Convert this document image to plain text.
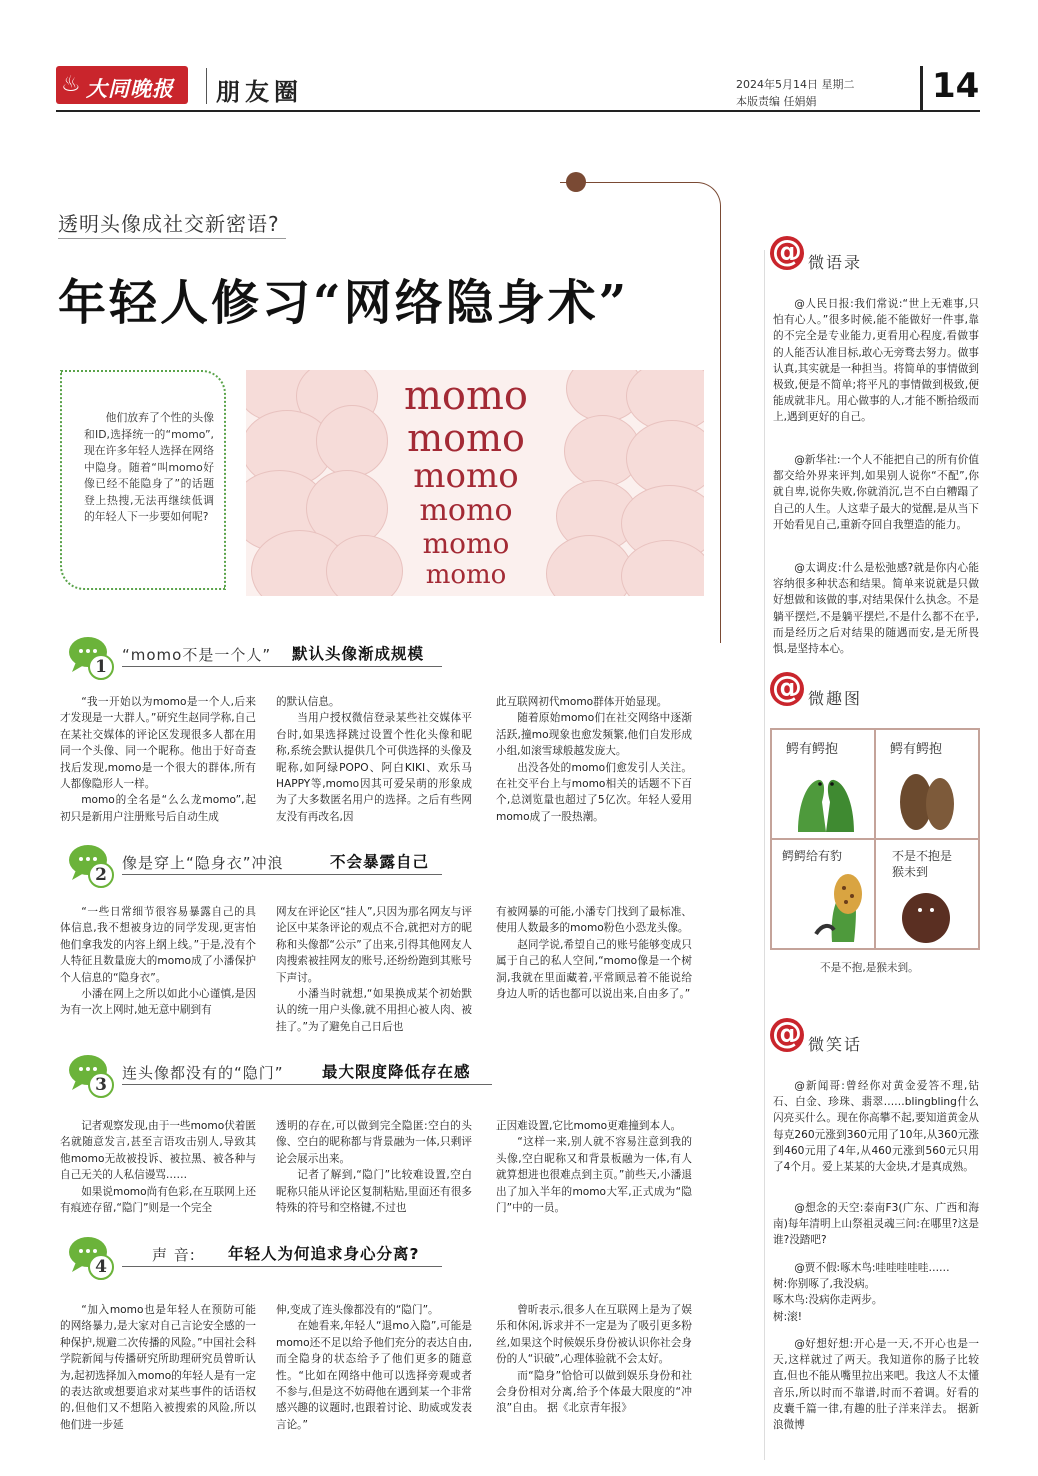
♨ 大同晚报 朋友圈	2024年5月14日 星期二
本版责编 任娟娟	14
透明头像成社交新密语?
年轻人修习“网络隐身术”

他们放弃了个性的头像和ID,选择统一的“momo”,现在许多年轻人选择在网络中隐身。随着“叫momo好像已经不能隐身了”的话题登上热搜,无法再继续低调的年轻人下一步要如何呢?

momo
momo
momo
momo
momo
momo
1
“momo不是一个人” 默认头像渐成规模

“我一开始以为momo是一个人,后来才发现是一大群人。”研究生赵同学称,自己在某社交媒体的评论区发现很多人都在用同一个头像、同一个昵称。他出于好奇查找后发现,momo是一个很大的群体,所有人都像隐形人一样。

momo的全名是“么么龙momo”,起初只是新用户注册账号后自动生成

的默认信息。

当用户授权微信登录某些社交媒体平台时,如果选择跳过设置个性化头像和昵称,系统会默认提供几个可供选择的头像及昵称,如阿绿POPO、阿白KIKI、欢乐马HAPPY等,momo因其可爱呆萌的形象成为了大多数匿名用户的选择。之后有些网友没有再改名,因

此互联网初代momo群体开始显现。

随着原始momo们在社交网络中逐渐活跃,撞mo现象也愈发频繁,他们自发形成小组,如滚雪球般越发庞大。

出没各处的momo们愈发引人关注。在社交平台上与momo相关的话题不下百个,总浏览量也超过了5亿次。年轻人爱用momo成了一股热潮。

2
像是穿上“隐身衣”冲浪	不会暴露自己

“一些日常细节很容易暴露自己的具体信息,我不想被身边的同学发现,更害怕他们拿我发的内容上纲上线。”于是,没有个人特征且数量庞大的momo成了小潘保护个人信息的“隐身衣”。

小潘在网上之所以如此小心谨慎,是因为有一次上网时,她无意中刷到有

网友在评论区“挂人”,只因为那名网友与评论区中某条评论的观点不合,就把对方的昵称和头像都“公示”了出来,引得其他网友人肉搜索被挂网友的账号,还纷纷跑到其账号下声讨。

小潘当时就想,“如果换成某个初始默认的统一用户头像,就不用担心被人肉、被挂了。”为了避免自己日后也

有被网暴的可能,小潘专门找到了最标准、使用人数最多的momo粉色小恐龙头像。

赵同学说,希望自己的账号能够变成只属于自己的私人空间,“momo像是一个树洞,我就在里面藏着,平常顾忌着不能说给身边人听的话也都可以说出来,自由多了。”

3
连头像都没有的“隐门” 最大限度降低存在感

记者观察发现,由于一些momo伏着匿名就随意发言,甚至言语攻击别人,导致其他momo无故被投诉、被拉黑、被各种与自己无关的人私信谩骂……

如果说momo尚有色彩,在互联网上还有痕迹存留,“隐门”则是一个完全

透明的存在,可以做到完全隐匿:空白的头像、空白的昵称都与背景融为一体,只剩评论会展示出来。

记者了解到,“隐门”比较难设置,空白昵称只能从评论区复制粘贴,里面还有很多特殊的符号和空格键,不过也

正因难设置,它比momo更难撞到本人。

“这样一来,别人就不容易注意到我的头像,空白昵称又和背景板融为一体,有人就算想进也很难点到主页。”前些天,小潘退出了加入半年的momo大军,正式成为“隐门”中的一员。

4
声 音: 年轻人为何追求身心分离?

“加入momo也是年轻人在预防可能的网络暴力,是大家对自己言论安全感的一种保护,规避二次传播的风险。”中国社会科学院新闻与传播研究所助理研究员曾昕认为,起初选择加入momo的年轻人是有一定的表达欲或想要追求对某些事件的话语权的,但他们又不想陷入被搜索的风险,所以他们进一步延

伸,变成了连头像都没有的“隐门”。

在她看来,年轻人“退mo入隐”,可能是momo还不足以给予他们充分的表达自由,而全隐身的状态给予了他们更多的随意性。“比如在网络中他可以选择旁观或者不参与,但是这不妨碍他在遇到某一个非常感兴趣的议题时,也跟着讨论、助威或发表言论。”

曾昕表示,很多人在互联网上是为了娱乐和休闲,诉求并不一定是为了吸引更多粉丝,如果这个时候娱乐身份被认识你社会身份的人“识破”,心理体验就不会太好。

而“隐身”恰恰可以做到娱乐身份和社会身份相对分离,给予个体最大限度的“冲浪”自由。 据《北京青年报》

@ 微语录

@人民日报:我们常说:“世上无难事,只怕有心人。”很多时候,能不能做好一件事,靠的不完全是专业能力,更看用心程度,看做事的人能否认准目标,敢心无旁骛去努力。做事认真,其实就是一种担当。将简单的事情做到极致,便是不简单;将平凡的事情做到极致,便能成就非凡。用心做事的人,才能不断拾级而上,遇到更好的自己。

@新华社:一个人不能把自己的所有价值都交给外界来评判,如果别人说你“不配”,你就自卑,说你失败,你就消沉,岂不白白糟蹋了自己的人生。人这辈子最大的觉醒,是从当下开始看见自己,重新夺回自我塑造的能力。

@太调皮:什么是松弛感?就是你内心能容纳很多种状态和结果。简单来说就是只做好想做和该做的事,对结果保什么执念。不是躺平摆烂,不是躺平摆烂,不是什么都不在乎,而是经历之后对结果的随遇而安,是无所畏惧,是坚持本心。

@ 微趣图
鳄有鳄抱	鳄有鳄抱
鳄鳄给有豹	不是不抱是猴未到
不是不抱,是猴未到。
@ 微笑话

@新闻哥:曾经你对黄金爱答不理,钻石、白金、珍珠、翡翠……blingbling什么闪亮买什么。现在你高攀不起,要知道黄金从每克260元涨到360元用了10年,从360元涨到460元用了4年,从460元涨到560元只用了4个月。爱上某某的大金块,才是真成熟。

@想念的天空:泰南F3(广东、广西和海南)每年清明上山祭祖灵魂三问:在哪里?这是谁?没踏吧?

@贾不假:啄木鸟:哇哇哇哇哇……
树:你别啄了,我没病。
啄木鸟:没病你走两步。
树:滚!

@好想好想:开心是一天,不开心也是一天,这样就过了两天。我知道你的肠子比较直,但也不能从嘴里拉出来吧。我这人不太懂音乐,所以时而不靠谱,时而不着调。好看的皮囊千篇一律,有趣的肚子洋来洋去。 据新浪微博
